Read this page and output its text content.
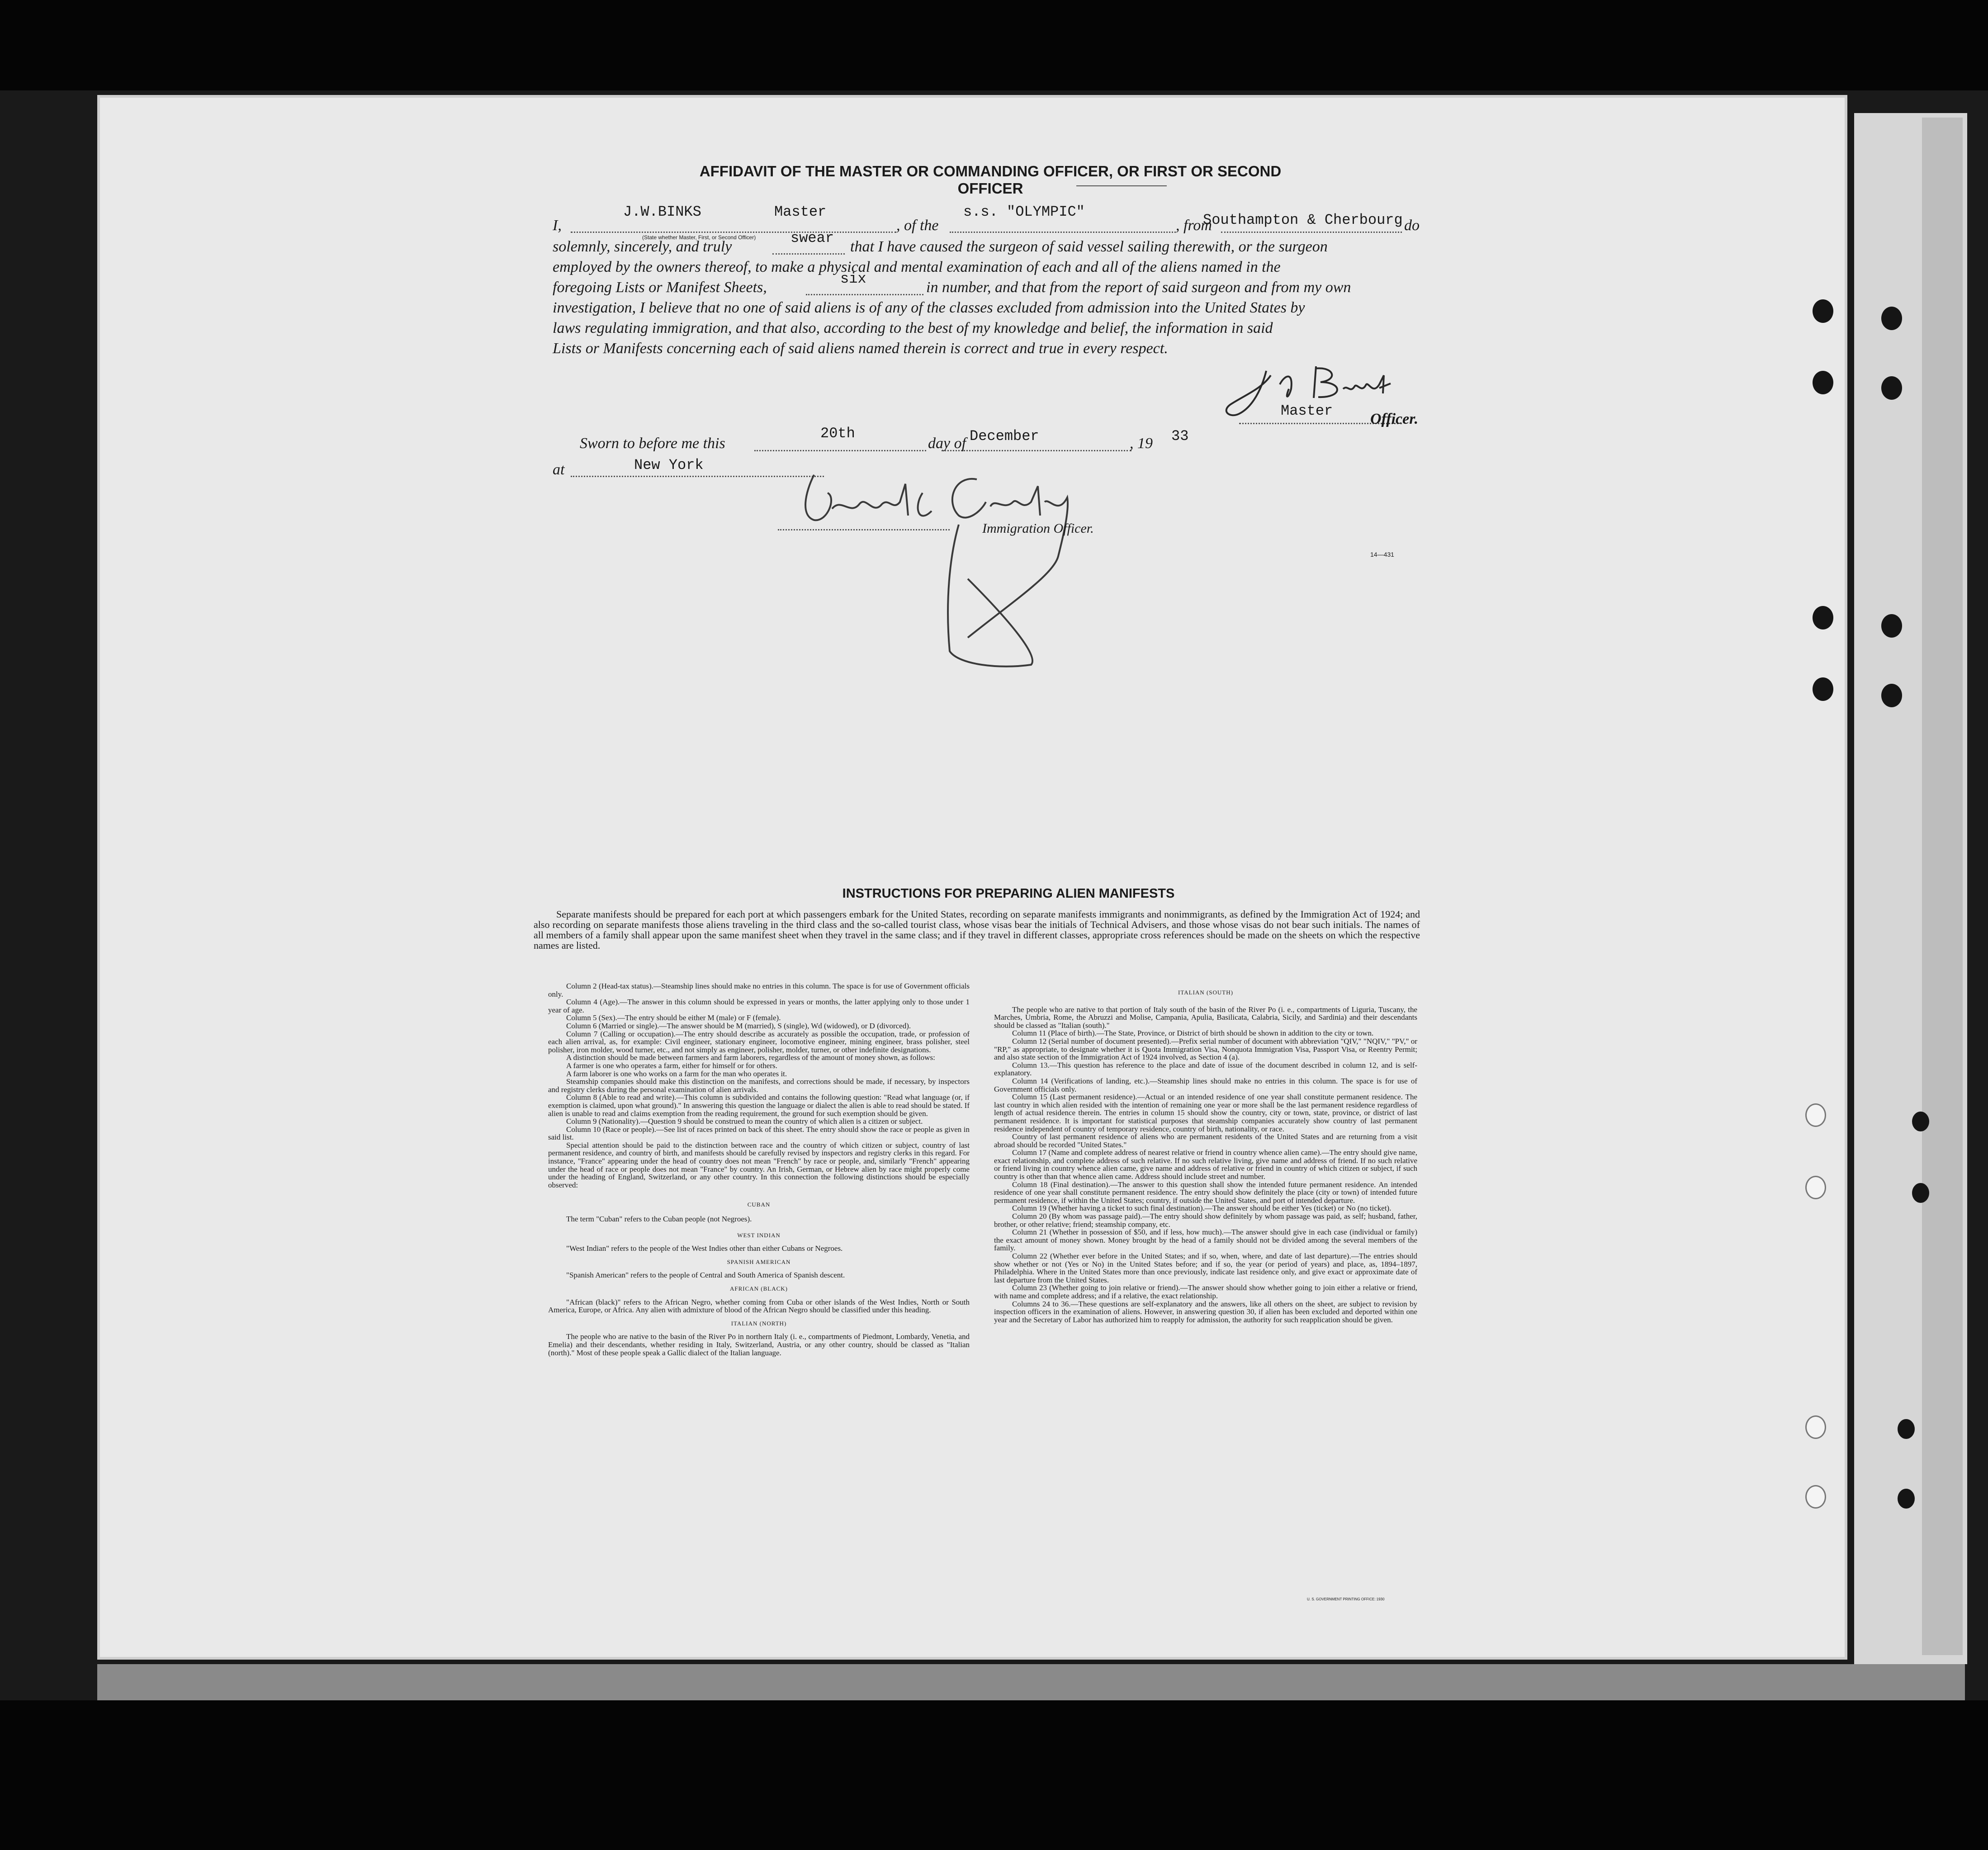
AFFIDAVIT OF THE MASTER OR COMMANDING OFFICER, OR FIRST OR SECOND OFFICER
I,
J.W.BINKS	Master
(State whether Master, First, or Second Officer)
, of the
s.s. "OLYMPIC"
, from
Southampton & Cherbourg do
solemnly, sincerely, and truly
swear
that I have caused the surgeon of said vessel sailing therewith, or the surgeon
employed by the owners thereof, to make a physical and mental examination of each and all of the aliens named in the
foregoing Lists or Manifest Sheets,
six
in number, and that from the report of said surgeon and from my own
investigation, I believe that no one of said aliens is of any of the classes excluded from admission into the United States by
laws regulating immigration, and that also, according to the best of my knowledge and belief, the information in said
Lists or Manifests concerning each of said aliens named therein is correct and true in every respect.
Master Officer.
Sworn to before me this
20th
day of December	, 19 33
at	New York
Immigration Officer.
14—431
INSTRUCTIONS FOR PREPARING ALIEN MANIFESTS
Separate manifests should be prepared for each port at which passengers embark for the United States, recording on separate manifests immigrants and nonimmigrants, as defined by the Immigration Act of 1924; and also recording on separate manifests those aliens traveling in the third class and the so-called tourist class, whose visas bear the initials of Technical Advisers, and those whose visas do not bear such initials. The names of all members of a family shall appear upon the same manifest sheet when they travel in the same class; and if they travel in different classes, appropriate cross references should be made on the sheets on which the respective names are listed.

Column 2 (Head-tax status).—Steamship lines should make no entries in this column. The space is for use of Government officials only.

Column 4 (Age).—The answer in this column should be expressed in years or months, the latter applying only to those under 1 year of age.

Column 5 (Sex).—The entry should be either M (male) or F (female).

Column 6 (Married or single).—The answer should be M (married), S (single), Wd (widowed), or D (divorced).

Column 7 (Calling or occupation).—The entry should describe as accurately as possible the occupation, trade, or profession of each alien arrival, as, for example: Civil engineer, stationary engineer, locomotive engineer, mining engineer, brass polisher, steel polisher, iron molder, wood turner, etc., and not simply as engineer, polisher, molder, turner, or other indefinite designations.

A distinction should be made between farmers and farm laborers, regardless of the amount of money shown, as follows:

A farmer is one who operates a farm, either for himself or for others.

A farm laborer is one who works on a farm for the man who operates it.

Steamship companies should make this distinction on the manifests, and corrections should be made, if necessary, by inspectors and registry clerks during the personal examination of alien arrivals.

Column 8 (Able to read and write).—This column is subdivided and contains the following question: "Read what language (or, if exemption is claimed, upon what ground)." In answering this question the language or dialect the alien is able to read should be stated. If alien is unable to read and claims exemption from the reading requirement, the ground for such exemption should be given.

Column 9 (Nationality).—Question 9 should be construed to mean the country of which alien is a citizen or subject.

Column 10 (Race or people).—See list of races printed on back of this sheet. The entry should show the race or people as given in said list.

Special attention should be paid to the distinction between race and the country of which citizen or subject, country of last permanent residence, and country of birth, and manifests should be carefully revised by inspectors and registry clerks in this regard. For instance, "France" appearing under the head of country does not mean "French" by race or people, and, similarly "French" appearing under the head of race or people does not mean "France" by country. An Irish, German, or Hebrew alien by race might properly come under the heading of England, Switzerland, or any other country. In this connection the following distinctions should be especially observed:

CUBAN

The term "Cuban" refers to the Cuban people (not Negroes).

WEST INDIAN

"West Indian" refers to the people of the West Indies other than either Cubans or Negroes.

SPANISH AMERICAN

"Spanish American" refers to the people of Central and South America of Spanish descent.

AFRICAN (BLACK)

"African (black)" refers to the African Negro, whether coming from Cuba or other islands of the West Indies, North or South America, Europe, or Africa. Any alien with admixture of blood of the African Negro should be classified under this heading.

ITALIAN (NORTH)

The people who are native to the basin of the River Po in northern Italy (i. e., compartments of Piedmont, Lombardy, Venetia, and Emelia) and their descendants, whether residing in Italy, Switzerland, Austria, or any other country, should be classed as "Italian (north)." Most of these people speak a Gallic dialect of the Italian language.

ITALIAN (SOUTH)

The people who are native to that portion of Italy south of the basin of the River Po (i. e., compartments of Liguria, Tuscany, the Marches, Umbria, Rome, the Abruzzi and Molise, Campania, Apulia, Basilicata, Calabria, Sicily, and Sardinia) and their descendants should be classed as "Italian (south)."

Column 11 (Place of birth).—The State, Province, or District of birth should be shown in addition to the city or town.

Column 12 (Serial number of document presented).—Prefix serial number of document with abbreviation "QIV," "NQIV," "PV," or "RP," as appropriate, to designate whether it is Quota Immigration Visa, Nonquota Immigration Visa, Passport Visa, or Reentry Permit; and also state section of the Immigration Act of 1924 involved, as Section 4 (a).

Column 13.—This question has reference to the place and date of issue of the document described in column 12, and is self-explanatory.

Column 14 (Verifications of landing, etc.).—Steamship lines should make no entries in this column. The space is for use of Government officials only.

Column 15 (Last permanent residence).—Actual or an intended residence of one year shall constitute permanent residence. The last country in which alien resided with the intention of remaining one year or more shall be the last permanent residence regardless of length of actual residence therein. The entries in column 15 should show the country, city or town, state, province, or district of last permanent residence. It is important for statistical purposes that steamship companies accurately show country of last permanent residence independent of country of temporary residence, country of birth, nationality, or race.

Country of last permanent residence of aliens who are permanent residents of the United States and are returning from a visit abroad should be recorded "United States."

Column 17 (Name and complete address of nearest relative or friend in country whence alien came).—The entry should give name, exact relationship, and complete address of such relative. If no such relative living, give name and address of friend. If no such relative or friend living in country whence alien came, give name and address of relative or friend in country of which citizen or subject, if such country is other than that whence alien came. Address should include street and number.

Column 18 (Final destination).—The answer to this question shall show the intended future permanent residence. An intended residence of one year shall constitute permanent residence. The entry should show definitely the place (city or town) of intended future permanent residence, if within the United States; country, if outside the United States, and port of intended departure.

Column 19 (Whether having a ticket to such final destination).—The answer should be either Yes (ticket) or No (no ticket).

Column 20 (By whom was passage paid).—The entry should show definitely by whom passage was paid, as self; husband, father, brother, or other relative; friend; steamship company, etc.

Column 21 (Whether in possession of $50, and if less, how much).—The answer should give in each case (individual or family) the exact amount of money shown. Money brought by the head of a family should not be divided among the several members of the family.

Column 22 (Whether ever before in the United States; and if so, when, where, and date of last departure).—The entries should show whether or not (Yes or No) in the United States before; and if so, the year (or period of years) and place, as, 1894–1897, Philadelphia. Where in the United States more than once previously, indicate last residence only, and give exact or approximate date of last departure from the United States.

Column 23 (Whether going to join relative or friend).—The answer should show whether going to join either a relative or friend, with name and complete address; and if a relative, the exact relationship.

Columns 24 to 36.—These questions are self-explanatory and the answers, like all others on the sheet, are subject to revision by inspection officers in the examination of aliens. However, in answering question 30, if alien has been excluded and deported within one year and the Secretary of Labor has authorized him to reapply for admission, the authority for such reapplication should be given.

U. S. GOVERNMENT PRINTING OFFICE: 1930
